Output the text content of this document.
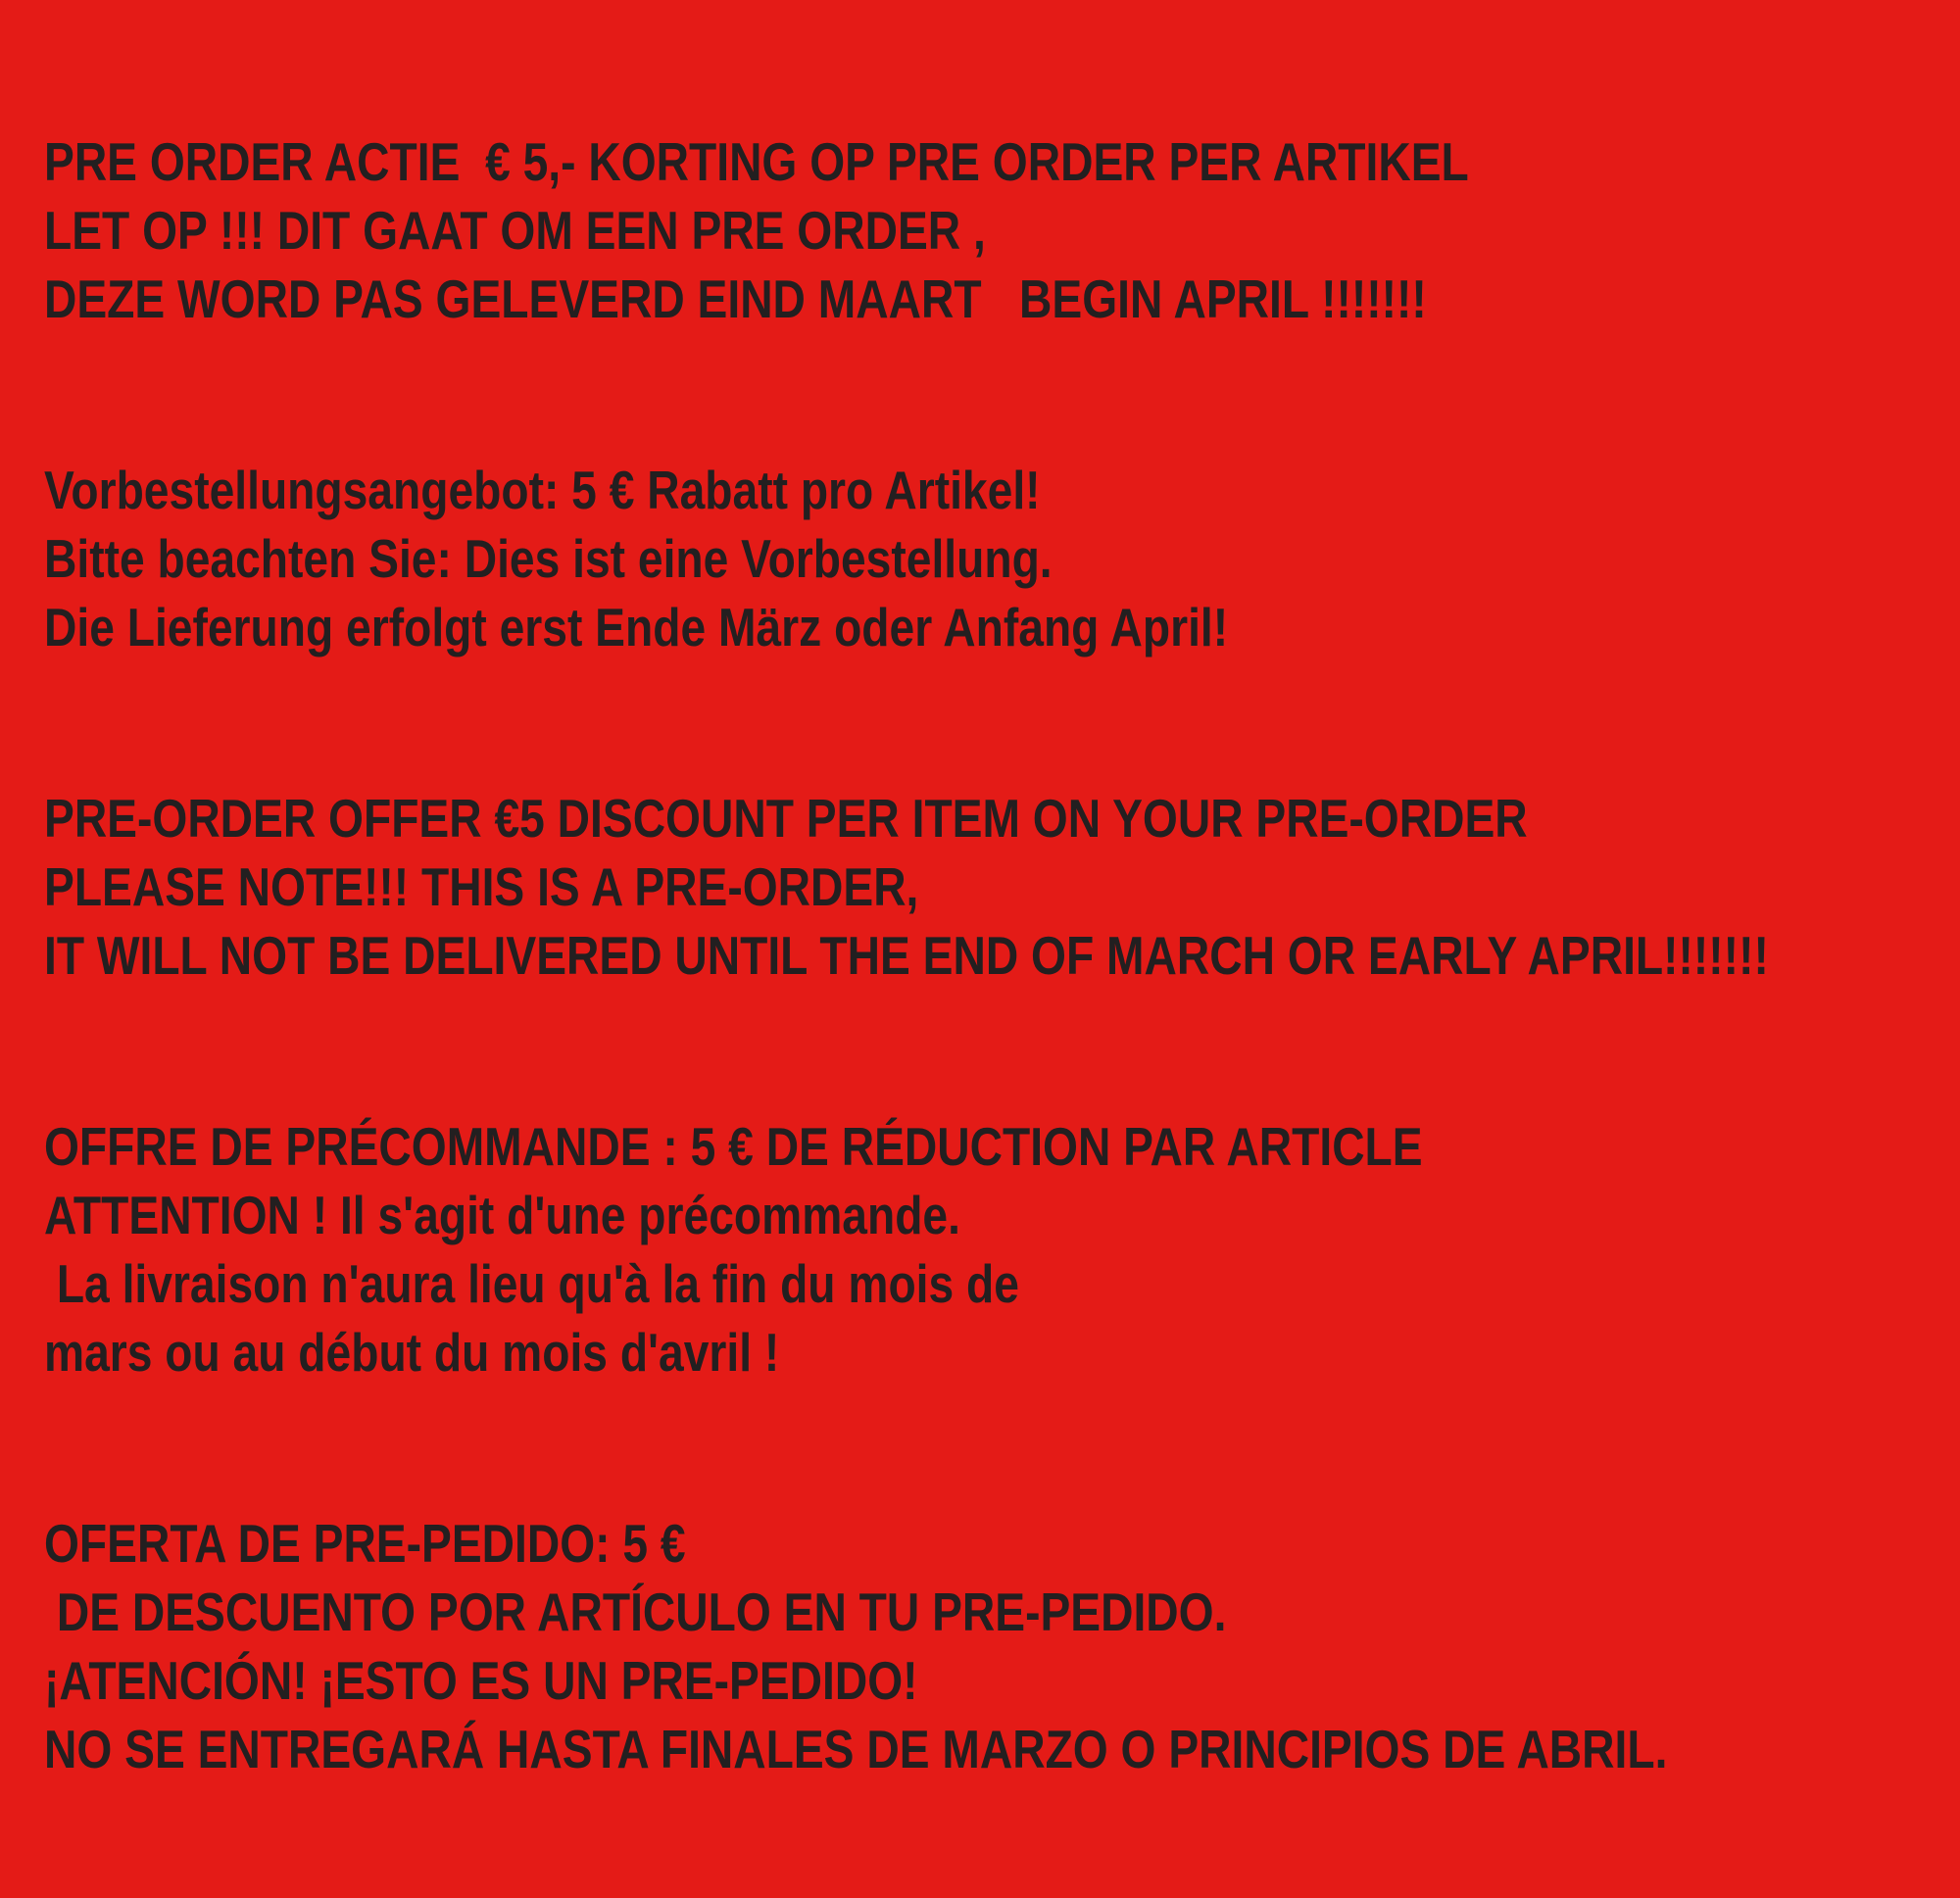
PRE ORDER ACTIE  € 5,- KORTING OP PRE ORDER PER ARTIKEL
LET OP !!! DIT GAAT OM EEN PRE ORDER ,
DEZE WORD PAS GELEVERD EIND MAART   BEGIN APRIL !!!!!!!
Vorbestellungsangebot: 5 € Rabatt pro Artikel!
Bitte beachten Sie: Dies ist eine Vorbestellung.
Die Lieferung erfolgt erst Ende März oder Anfang April!
PRE-ORDER OFFER €5 DISCOUNT PER ITEM ON YOUR PRE-ORDER
PLEASE NOTE!!! THIS IS A PRE-ORDER,
IT WILL NOT BE DELIVERED UNTIL THE END OF MARCH OR EARLY APRIL!!!!!!!
OFFRE DE PRÉCOMMANDE : 5 € DE RÉDUCTION PAR ARTICLE
ATTENTION ! Il s'agit d'une précommande.
La livraison n'aura lieu qu'à la fin du mois de
mars ou au début du mois d'avril !
OFERTA DE PRE-PEDIDO: 5 €
DE DESCUENTO POR ARTÍCULO EN TU PRE-PEDIDO.
¡ATENCIÓN! ¡ESTO ES UN PRE-PEDIDO!
NO SE ENTREGARÁ HASTA FINALES DE MARZO O PRINCIPIOS DE ABRIL.
